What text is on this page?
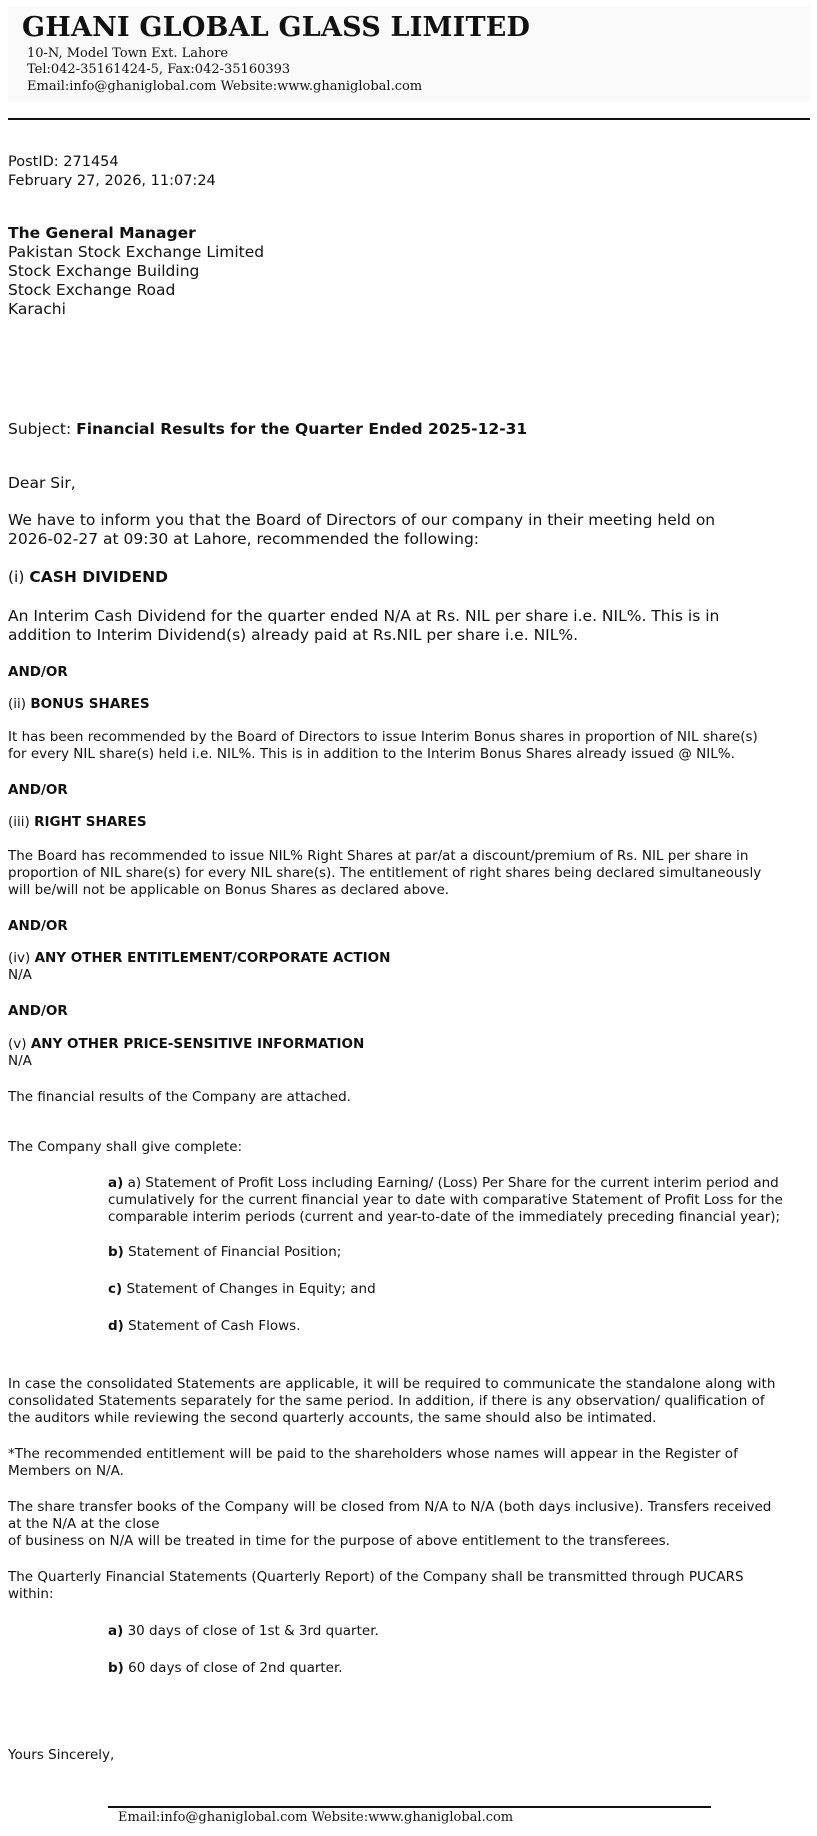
GHANI GLOBAL GLASS LIMITED
10-N, Model Town Ext. Lahore
Tel:042-35161424-5, Fax:042-35160393
Email:info@ghaniglobal.com Website:www.ghaniglobal.com
PostID: 271454
February 27, 2026, 11:07:24
The General Manager
Pakistan Stock Exchange Limited
Stock Exchange Building
Stock Exchange Road
Karachi
Subject: Financial Results for the Quarter Ended 2025-12-31
Dear Sir,
We have to inform you that the Board of Directors of our company in their meeting held on
2026-02-27 at 09:30 at Lahore, recommended the following:
(i) CASH DIVIDEND
An Interim Cash Dividend for the quarter ended N/A at Rs. NIL per share i.e. NIL%. This is in
addition to Interim Dividend(s) already paid at Rs.NIL per share i.e. NIL%.
AND/OR
(ii) BONUS SHARES
It has been recommended by the Board of Directors to issue Interim Bonus shares in proportion of NIL share(s)
for every NIL share(s) held i.e. NIL%. This is in addition to the Interim Bonus Shares already issued @ NIL%.
AND/OR
(iii) RIGHT SHARES
The Board has recommended to issue NIL% Right Shares at par/at a discount/premium of Rs. NIL per share in
proportion of NIL share(s) for every NIL share(s). The entitlement of right shares being declared simultaneously
will be/will not be applicable on Bonus Shares as declared above.
AND/OR
(iv) ANY OTHER ENTITLEMENT/CORPORATE ACTION
N/A
AND/OR
(v) ANY OTHER PRICE-SENSITIVE INFORMATION
N/A
The financial results of the Company are attached.
The Company shall give complete:
a) a) Statement of Profit Loss including Earning/ (Loss) Per Share for the current interim period and
cumulatively for the current financial year to date with comparative Statement of Profit Loss for the
comparable interim periods (current and year-to-date of the immediately preceding financial year);
b) Statement of Financial Position;
c) Statement of Changes in Equity; and
d) Statement of Cash Flows.
In case the consolidated Statements are applicable, it will be required to communicate the standalone along with
consolidated Statements separately for the same period. In addition, if there is any observation/ qualification of
the auditors while reviewing the second quarterly accounts, the same should also be intimated.
*The recommended entitlement will be paid to the shareholders whose names will appear in the Register of
Members on N/A.
The share transfer books of the Company will be closed from N/A to N/A (both days inclusive). Transfers received
at the N/A at the close
of business on N/A will be treated in time for the purpose of above entitlement to the transferees.
The Quarterly Financial Statements (Quarterly Report) of the Company shall be transmitted through PUCARS
within:
a) 30 days of close of 1st & 3rd quarter.
b) 60 days of close of 2nd quarter.
Yours Sincerely,
Email:info@ghaniglobal.com Website:www.ghaniglobal.com
